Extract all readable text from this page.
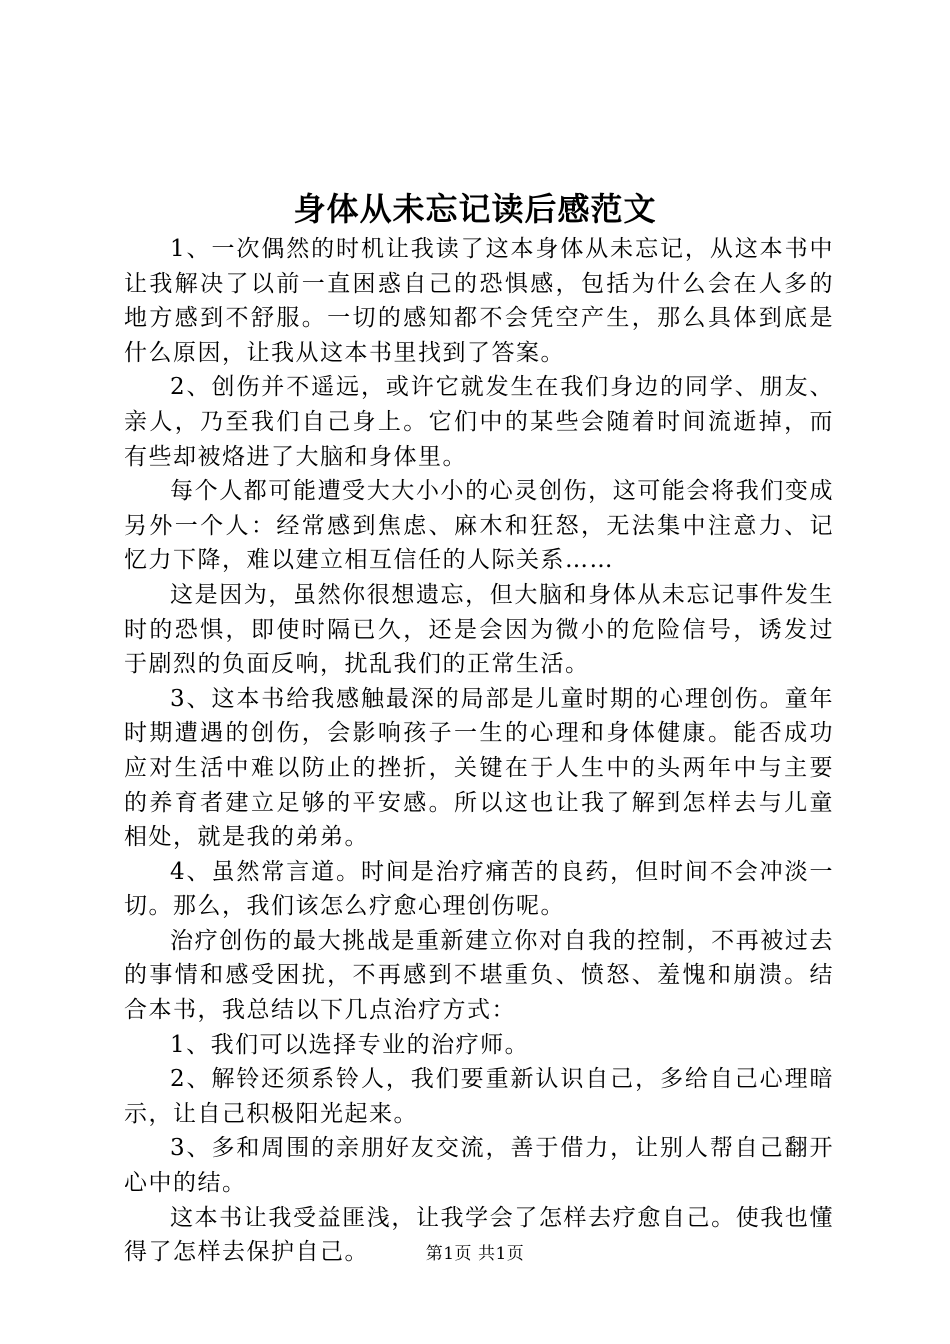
身体从未忘记读后感范文

1、一次偶然的时机让我读了这本身体从未忘记，从这本书中让我解决了以前一直困惑自己的恐惧感，包括为什么会在人多的地方感到不舒服。一切的感知都不会凭空产生，那么具体到底是什么原因，让我从这本书里找到了答案。

2、创伤并不遥远，或许它就发生在我们身边的同学、朋友、亲人，乃至我们自己身上。它们中的某些会随着时间流逝掉，而有些却被烙进了大脑和身体里。

每个人都可能遭受大大小小的心灵创伤，这可能会将我们变成另外一个人：经常感到焦虑、麻木和狂怒，无法集中注意力、记忆力下降，难以建立相互信任的人际关系……

这是因为，虽然你很想遗忘，但大脑和身体从未忘记事件发生时的恐惧，即使时隔已久，还是会因为微小的危险信号，诱发过于剧烈的负面反响，扰乱我们的正常生活。

3、这本书给我感触最深的局部是儿童时期的心理创伤。童年时期遭遇的创伤，会影响孩子一生的心理和身体健康。能否成功应对生活中难以防止的挫折，关键在于人生中的头两年中与主要的养育者建立足够的平安感。所以这也让我了解到怎样去与儿童相处，就是我的弟弟。

4、虽然常言道。时间是治疗痛苦的良药，但时间不会冲淡一切。那么，我们该怎么疗愈心理创伤呢。

治疗创伤的最大挑战是重新建立你对自我的控制，不再被过去的事情和感受困扰，不再感到不堪重负、愤怒、羞愧和崩溃。结合本书，我总结以下几点治疗方式：

1、我们可以选择专业的治疗师。

2、解铃还须系铃人，我们要重新认识自己，多给自己心理暗示，让自己积极阳光起来。

3、多和周围的亲朋好友交流，善于借力，让别人帮自己翻开心中的结。

这本书让我受益匪浅，让我学会了怎样去疗愈自己。使我也懂得了怎样去保护自己。	第1页 共1页
